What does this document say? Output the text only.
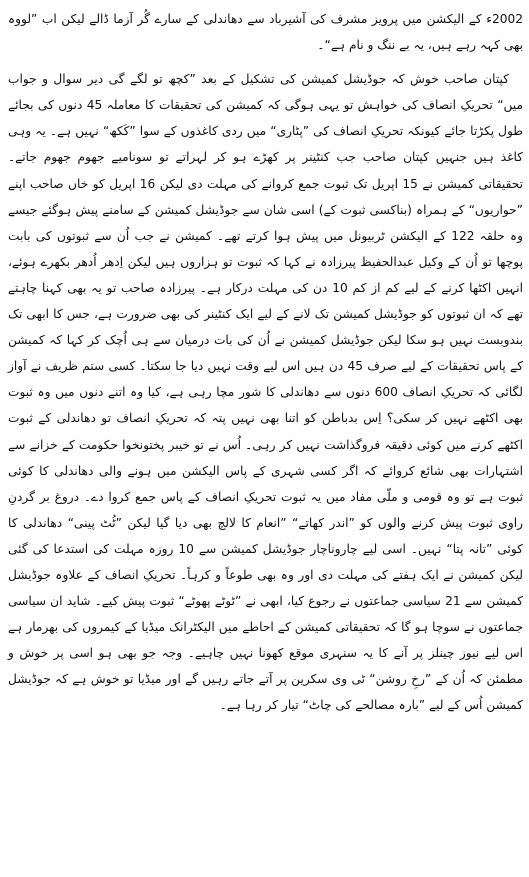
2002ء کے الیکشن میں پرویز مشرف کی آشیرباد سے دھاندلی کے سارے گُر آزما ڈالے لیکن اب ”لووہ بھی کہہ رہے ہیں، یہ بے ننگ و نام ہے“۔

کپتان صاحب خوش کہ جوڈیشل کمیشن کی تشکیل کے بعد ”کچھ تو لگے گی دیر سوال و جواب میں“ تحریکِ انصاف کی خواہش تو یہی ہوگی کہ کمیشن کی تحقیقات کا معاملہ 45 دنوں کی بجائے طول پکڑتا جائے کیونکہ تحریکِ انصاف کی ”پٹاری“ میں ردی کاغذوں کے سوا ”کَکھ“ نہیں ہے۔ یہ وہی کاغذ ہیں جنہیں کپتان صاحب جب کنٹینر پر کھڑے ہو کر لہراتے تو سونامیے جھوم جھوم جاتے۔ تحقیقاتی کمیشن نے 15 اپریل تک ثبوت جمع کروانے کی مہلت دی لیکن 16 اپریل کو خاں صاحب اپنے ”حواریوں“ کے ہمراہ (بناکسی ثبوت کے) اسی شان سے جوڈیشل کمیشن کے سامنے پیش ہوگئے جیسے وہ حلقہ 122 کے الیکشن ٹربیونل میں پیش ہوا کرتے تھے۔ کمیشن نے جب اُن سے ثبوتوں کی بابت پوچھا تو اُن کے وکیل عبدالحفیظ پیرزادہ نے کہا کہ ثبوت تو ہزاروں ہیں لیکن اِدھر اُدھر بکھرے ہوئے، انہیں اکٹھا کرنے کے لیے کم از کم 10 دن کی مہلت درکار ہے۔ پیرزادہ صاحب تو یہ بھی کہنا چاہتے تھے کہ ان ثبوتوں کو جوڈیشل کمیشن تک لانے کے لیے ایک کنٹینر کی بھی ضرورت ہے، جس کا ابھی تک بندوبست نہیں ہو سکا لیکن جوڈیشل کمیشن نے اُن کی بات درمیان سے ہی اُچک کر کہا کہ کمیشن کے پاس تحقیقات کے لیے صرف 45 دن ہیں اس لیے وقت نہیں دیا جا سکتا۔ کسی ستم ظریف نے آواز لگائی کہ تحریکِ انصاف 600 دنوں سے دھاندلی کا شور مچا رہی ہے، کیا وہ اتنے دنوں میں وہ ثبوت بھی اکٹھے نہیں کر سکی؟ اِس بدباطن کو اتنا بھی نہیں پتہ کہ تحریکِ انصاف تو دھاندلی کے ثبوت اکٹھے کرنے میں کوئی دقیقہ فروگذاشت نہیں کر رہی۔ اُس نے تو خیبر پختونخوا حکومت کے خزانے سے اشتہارات بھی شائع کروائے کہ اگر کسی شہری کے پاس الیکشن میں ہونے والی دھاندلی کا کوئی ثبوت ہے تو وہ قومی و ملّی مفاد میں یہ ثبوت تحریکِ انصاف کے پاس جمع کروا دے۔ دروغ بر گردنِ راوی ثبوت پیش کرنے والوں کو ”اندر کھاتے“ ”انعام کا لالچ بھی دیا گیا لیکن ”ٹُٹ پینی“ دھاندلی کا کوئی ”تانہ پتا“ نہیں۔ اسی لیے چاروناچار جوڈیشل کمیشن سے 10 روزہ مہلت کی استدعا کی گئی لیکن کمیشن نے ایک ہفتے کی مہلت دی اور وہ بھی طوعاً و کرہاً۔ تحریکِ انصاف کے علاوہ جوڈیشل کمیشن سے 21 سیاسی جماعتوں نے رجوع کیا، ابھی نے ”ٹوٹے پھوٹے“ ثبوت پیش کیے۔ شاید ان سیاسی جماعتوں نے سوچا ہو گا کہ تحقیقاتی کمیشن کے احاطے میں الیکٹرانک میڈیا کے کیمروں کی بھرمار ہے اس لیے نیوز چینلز پر آنے کا یہ سنہری موقع کھونا نہیں چاہیے۔ وجہ جو بھی ہو اسی پر خوش و مطمئن کہ اُن کے ”رخِ روشن“ ٹی وی سکرین پر آتے جاتے رہیں گے اور میڈیا تو خوش ہے کہ جوڈیشل کمیشن اُس کے لیے ”بارہ مصالحے کی چاٹ“ تیار کر رہا ہے۔
